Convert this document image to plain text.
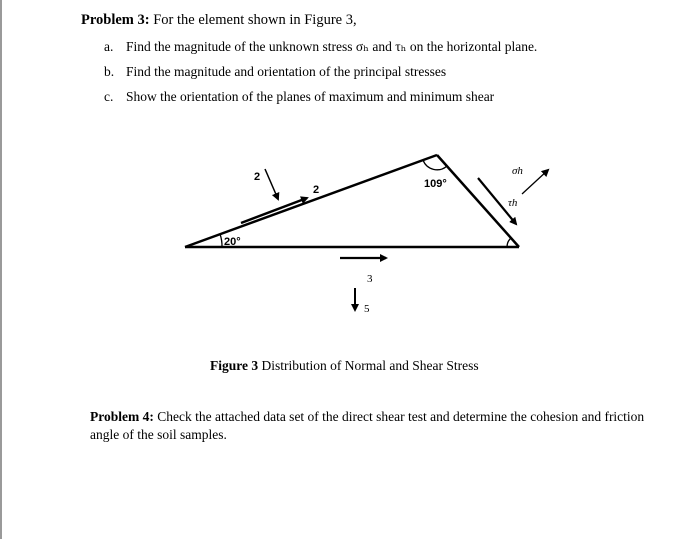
Problem 3: For the element shown in Figure 3,
a. Find the magnitude of the unknown stress σₕ and τₕ on the horizontal plane.
b. Find the magnitude and orientation of the principal stresses
c. Show the orientation of the planes of maximum and minimum shear
20°
109°
2
2
3
5
σh
τh
Figure 3 Distribution of Normal and Shear Stress
Problem 4: Check the attached data set of the direct shear test and determine the cohesion and friction angle of the soil samples.
